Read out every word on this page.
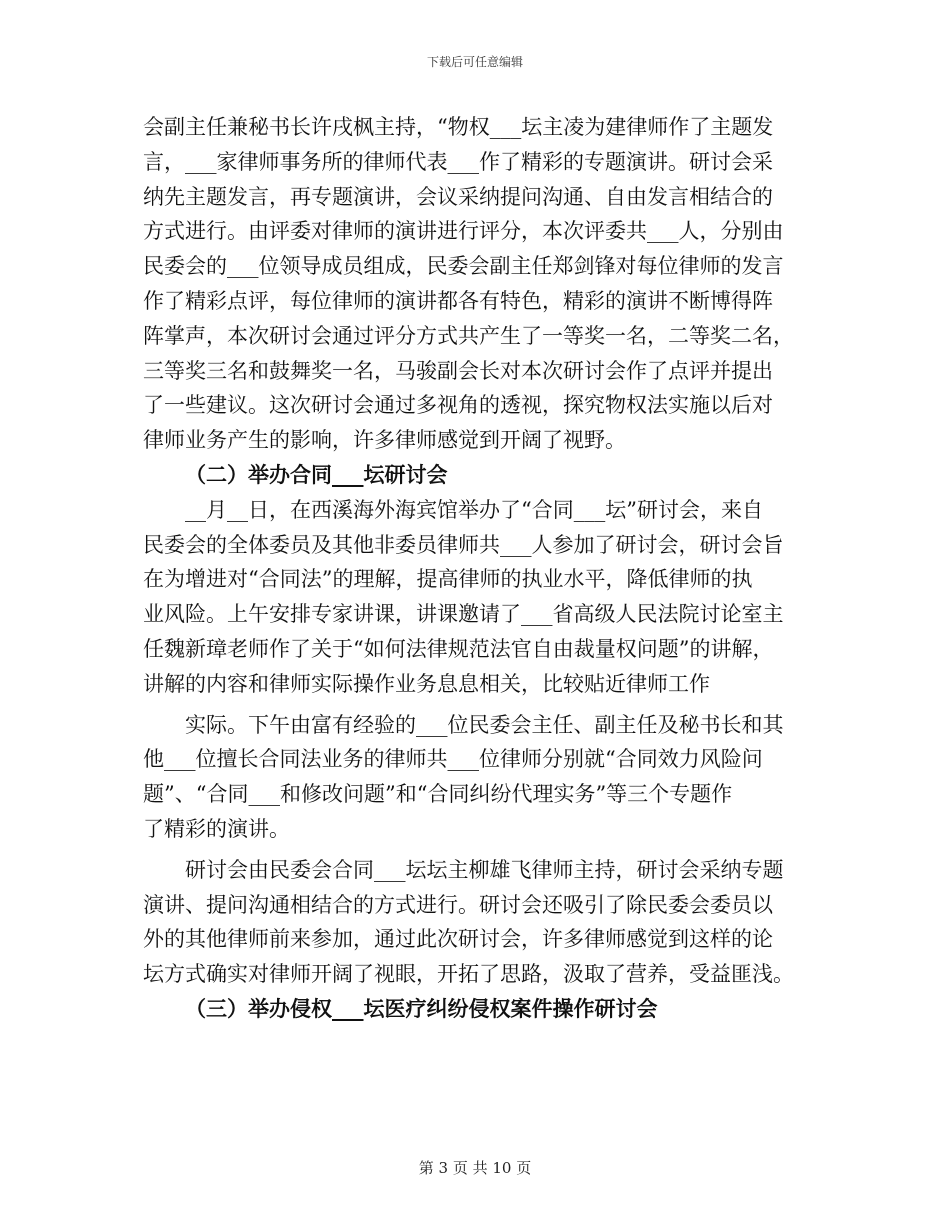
下载后可任意编辑
会副主任兼秘书长许戌枫主持，“物权___坛主凌为建律师作了主题发
言，___家律师事务所的律师代表___作了精彩的专题演讲。研讨会采
纳先主题发言，再专题演讲，会议采纳提问沟通、自由发言相结合的
方式进行。由评委对律师的演讲进行评分，本次评委共___人，分别由
民委会的___位领导成员组成，民委会副主任郑剑锋对每位律师的发言
作了精彩点评，每位律师的演讲都各有特色，精彩的演讲不断博得阵
阵掌声，本次研讨会通过评分方式共产生了一等奖一名，二等奖二名，
三等奖三名和鼓舞奖一名，马骏副会长对本次研讨会作了点评并提出
了一些建议。这次研讨会通过多视角的透视，探究物权法实施以后对
律师业务产生的影响，许多律师感觉到开阔了视野。
（二）举办合同___坛研讨会
__月__日，在西溪海外海宾馆举办了“合同___坛”研讨会，来自
民委会的全体委员及其他非委员律师共___人参加了研讨会，研讨会旨
在为增进对“合同法”的理解，提高律师的执业水平，降低律师的执
业风险。上午安排专家讲课，讲课邀请了___省高级人民法院讨论室主
任魏新璋老师作了关于“如何法律规范法官自由裁量权问题”的讲解，
讲解的内容和律师实际操作业务息息相关，比较贴近律师工作
实际。下午由富有经验的___位民委会主任、副主任及秘书长和其
他___位擅长合同法业务的律师共___位律师分别就“合同效力风险问
题”、“合同___和修改问题”和“合同纠纷代理实务”等三个专题作
了精彩的演讲。
研讨会由民委会合同___坛坛主柳雄飞律师主持，研讨会采纳专题
演讲、提问沟通相结合的方式进行。研讨会还吸引了除民委会委员以
外的其他律师前来参加，通过此次研讨会，许多律师感觉到这样的论
坛方式确实对律师开阔了视眼，开拓了思路，汲取了营养，受益匪浅。
（三）举办侵权___坛医疗纠纷侵权案件操作研讨会
第 3 页 共 10 页
